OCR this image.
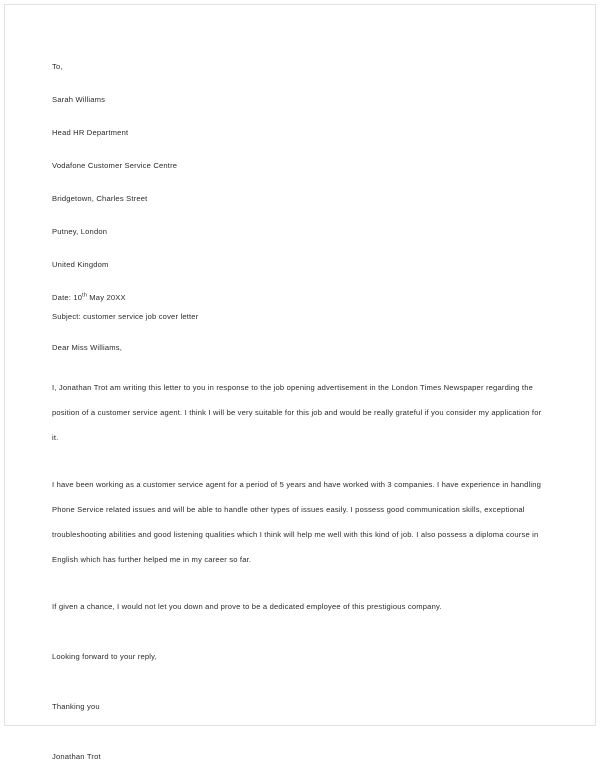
To,
Sarah Williams
Head HR Department
Vodafone Customer Service Centre
Bridgetown, Charles Street
Putney, London
United Kingdom
Date: 10th May 20XX
Subject: customer service job cover letter
Dear Miss Williams,
I, Jonathan Trot am writing this letter to you in response to the job opening advertisement in the London Times Newspaper regarding the position of a customer service agent. I think I will be very suitable for this job and would be really grateful if you consider my application for it.
I have been working as a customer service agent for a period of 5 years and have worked with 3 companies. I have experience in handling Phone Service related issues and will be able to handle other types of issues easily. I possess good communication skills, exceptional troubleshooting abilities and good listening qualities which I think will help me well with this kind of job. I also possess a diploma course in English which has further helped me in my career so far.
If given a chance, I would not let you down and prove to be a dedicated employee of this prestigious company.
Looking forward to your reply,
Thanking you
Jonathan Trot
